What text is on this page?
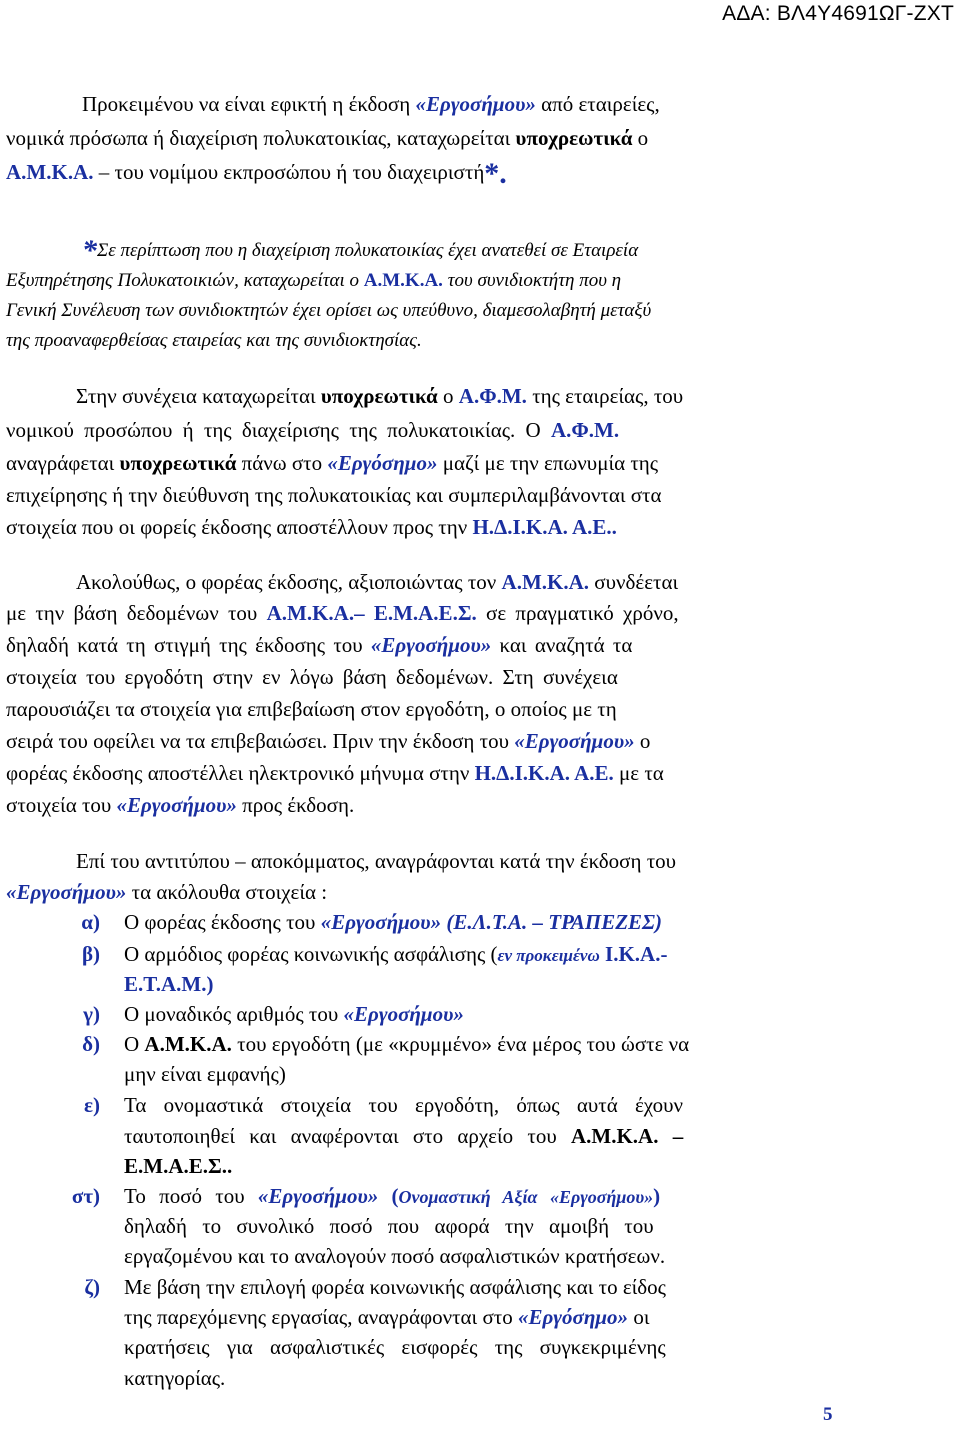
ΑΔΑ: ΒΛ4Υ4691ΩΓ-ΖΧΤ
Προκειμένου να είναι εφικτή η έκδοση «Εργοσήμου» από εταιρείες,
νομικά πρόσωπα ή διαχείριση πολυκατοικίας, καταχωρείται υποχρεωτικά ο
Α.Μ.Κ.Α. – του νομίμου εκπροσώπου ή του διαχειριστή*.
*Σε περίπτωση που η διαχείριση πολυκατοικίας έχει ανατεθεί σε Εταιρεία
Εξυπηρέτησης Πολυκατοικιών, καταχωρείται ο Α.Μ.Κ.Α. του συνιδιοκτήτη που η
Γενική Συνέλευση των συνιδιοκτητών έχει ορίσει ως υπεύθυνο, διαμεσολαβητή μεταξύ
της προαναφερθείσας εταιρείας και της συνιδιοκτησίας.
Στην συνέχεια καταχωρείται υποχρεωτικά ο Α.Φ.Μ. της εταιρείας, του
νομικού προσώπου ή της διαχείρισης της πολυκατοικίας. Ο Α.Φ.Μ.
αναγράφεται υποχρεωτικά πάνω στο «Εργόσημο» μαζί με την επωνυμία της
επιχείρησης ή την διεύθυνση της πολυκατοικίας και συμπεριλαμβάνονται στα
στοιχεία που οι φορείς έκδοσης αποστέλλουν προς την Η.Δ.Ι.Κ.Α. Α.Ε..
Ακολούθως, ο φορέας έκδοσης, αξιοποιώντας τον Α.Μ.Κ.Α. συνδέεται
με την βάση δεδομένων του Α.Μ.Κ.Α.– Ε.Μ.Α.Ε.Σ. σε πραγματικό χρόνο,
δηλαδή κατά τη στιγμή της έκδοσης του «Εργοσήμου» και αναζητά τα
στοιχεία του εργοδότη στην εν λόγω βάση δεδομένων. Στη συνέχεια
παρουσιάζει τα στοιχεία για επιβεβαίωση στον εργοδότη, ο οποίος με τη
σειρά του οφείλει να τα επιβεβαιώσει. Πριν την έκδοση του «Εργοσήμου» ο
φορέας έκδοσης αποστέλλει ηλεκτρονικό μήνυμα στην Η.Δ.Ι.Κ.Α. Α.Ε. με τα
στοιχεία του «Εργοσήμου» προς έκδοση.
Επί του αντιτύπου – αποκόμματος, αναγράφονται κατά την έκδοση του
«Εργοσήμου» τα ακόλουθα στοιχεία :
α) Ο φορέας έκδοσης του «Εργοσήμου» (Ε.Λ.Τ.Α. – ΤΡΑΠΕΖΕΣ)
β) Ο αρμόδιος φορέας κοινωνικής ασφάλισης (εν προκειμένω Ι.Κ.Α.-
Ε.Τ.Α.Μ.)
γ) Ο μοναδικός αριθμός του «Εργοσήμου»
δ) Ο Α.Μ.Κ.Α. του εργοδότη (με «κρυμμένο» ένα μέρος του ώστε να
μην είναι εμφανής)
ε) Τα ονομαστικά στοιχεία του εργοδότη, όπως αυτά έχουν
ταυτοποιηθεί και αναφέρονται στο αρχείο του Α.Μ.Κ.Α. –
Ε.Μ.Α.Ε.Σ..
στ) Το ποσό του «Εργοσήμου» (Ονομαστική Αξία «Εργοσήμου»)
δηλαδή το συνολικό ποσό που αφορά την αμοιβή του
εργαζομένου και το αναλογούν ποσό ασφαλιστικών κρατήσεων.
ζ) Με βάση την επιλογή φορέα κοινωνικής ασφάλισης και το είδος
της παρεχόμενης εργασίας, αναγράφονται στο «Εργόσημο» οι
κρατήσεις για ασφαλιστικές εισφορές της συγκεκριμένης
κατηγορίας.
5
